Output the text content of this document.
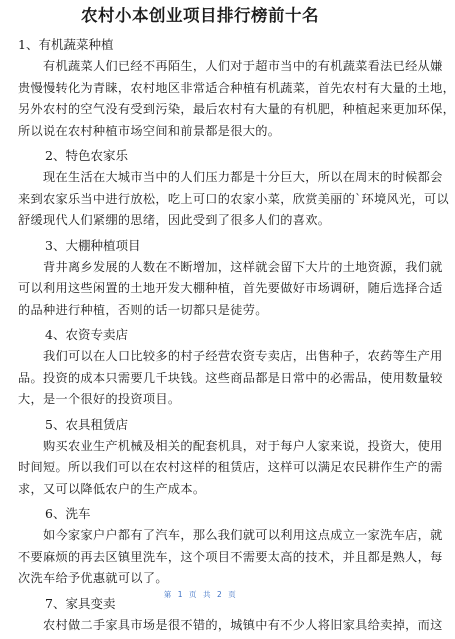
农村小本创业项目排行榜前十名
1、有机蔬菜种植
有机蔬菜人们已经不再陌生，人们对于超市当中的有机蔬菜看法已经从嫌
贵慢慢转化为青睐，农村地区非常适合种植有机蔬菜，首先农村有大量的土地，
另外农村的空气没有受到污染，最后农村有大量的有机肥，种植起来更加环保，
所以说在农村种植市场空间和前景都是很大的。
2、特色农家乐
现在生活在大城市当中的人们压力都是十分巨大，所以在周末的时候都会
来到农家乐当中进行放松，吃上可口的农家小菜，欣赏美丽的`环境风光，可以
舒缓现代人们紧绷的思绪，因此受到了很多人们的喜欢。
3、大棚种植项目
背井离乡发展的人数在不断增加，这样就会留下大片的土地资源，我们就
可以利用这些闲置的土地开发大棚种植，首先要做好市场调研，随后选择合适
的品种进行种植，否则的话一切都只是徒劳。
4、农资专卖店
我们可以在人口比较多的村子经营农资专卖店，出售种子，农药等生产用
品。投资的成本只需要几千块钱。这些商品都是日常中的必需品，使用数量较
大，是一个很好的投资项目。
5、农具租赁店
购买农业生产机械及相关的配套机具，对于每户人家来说，投资大，使用
时间短。所以我们可以在农村这样的租赁店，这样可以满足农民耕作生产的需
求，又可以降低农户的生产成本。
6、洗车
如今家家户户都有了汽车，那么我们就可以利用这点成立一家洗车店，就
不要麻烦的再去区镇里洗车，这个项目不需要太高的技术，并且都是熟人，每
次洗车给予优惠就可以了。
7、家具变卖
农村做二手家具市场是很不错的，城镇中有不少人将旧家具给卖掉，而这
第 1 页 共 2 页
